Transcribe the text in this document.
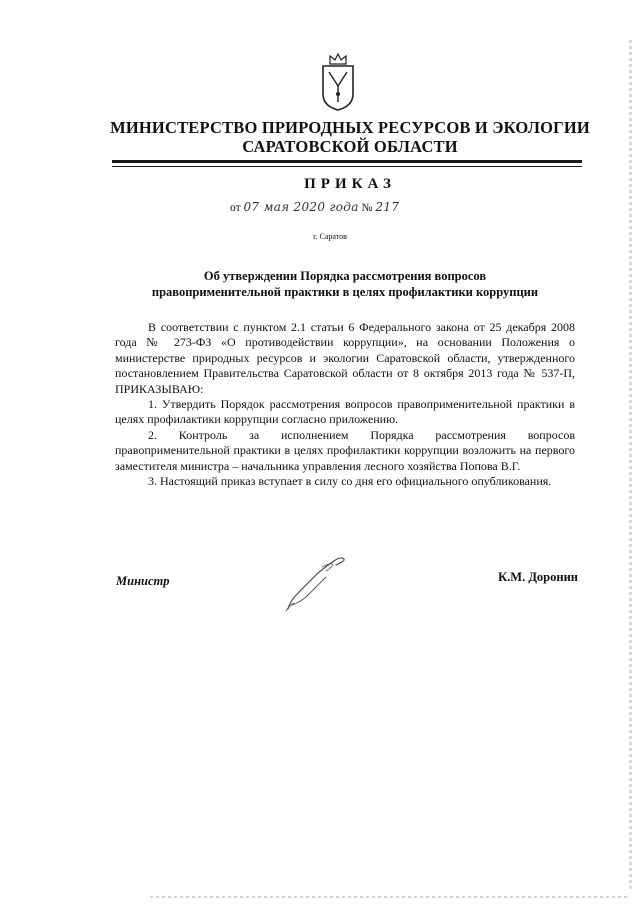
МИНИСТЕРСТВО ПРИРОДНЫХ РЕСУРСОВ И ЭКОЛОГИИ
САРАТОВСКОЙ ОБЛАСТИ
ПРИКАЗ
от 07 мая 2020 года № 217
г. Саратов
Об утверждении Порядка рассмотрения вопросов
правоприменительной практики в целях профилактики коррупции

В соответствии с пунктом 2.1 статьи 6 Федерального закона от 25 декабря 2008 года № 273-ФЗ «О противодействии коррупции», на основании Положения о министерстве природных ресурсов и экологии Саратовской области, утвержденного постановлением Правительства Саратовской области от 8 октября 2013 года № 537-П, ПРИКАЗЫВАЮ:

1. Утвердить Порядок рассмотрения вопросов правоприменительной практики в целях профилактики коррупции согласно приложению.

2. Контроль за исполнением Порядка рассмотрения вопросов правоприменительной практики в целях профилактики коррупции возложить на первого заместителя министра – начальника управления лесного хозяйства Попова В.Г.

3. Настоящий приказ вступает в силу со дня его официального опубликования.

Министр	К.М. Доронин
